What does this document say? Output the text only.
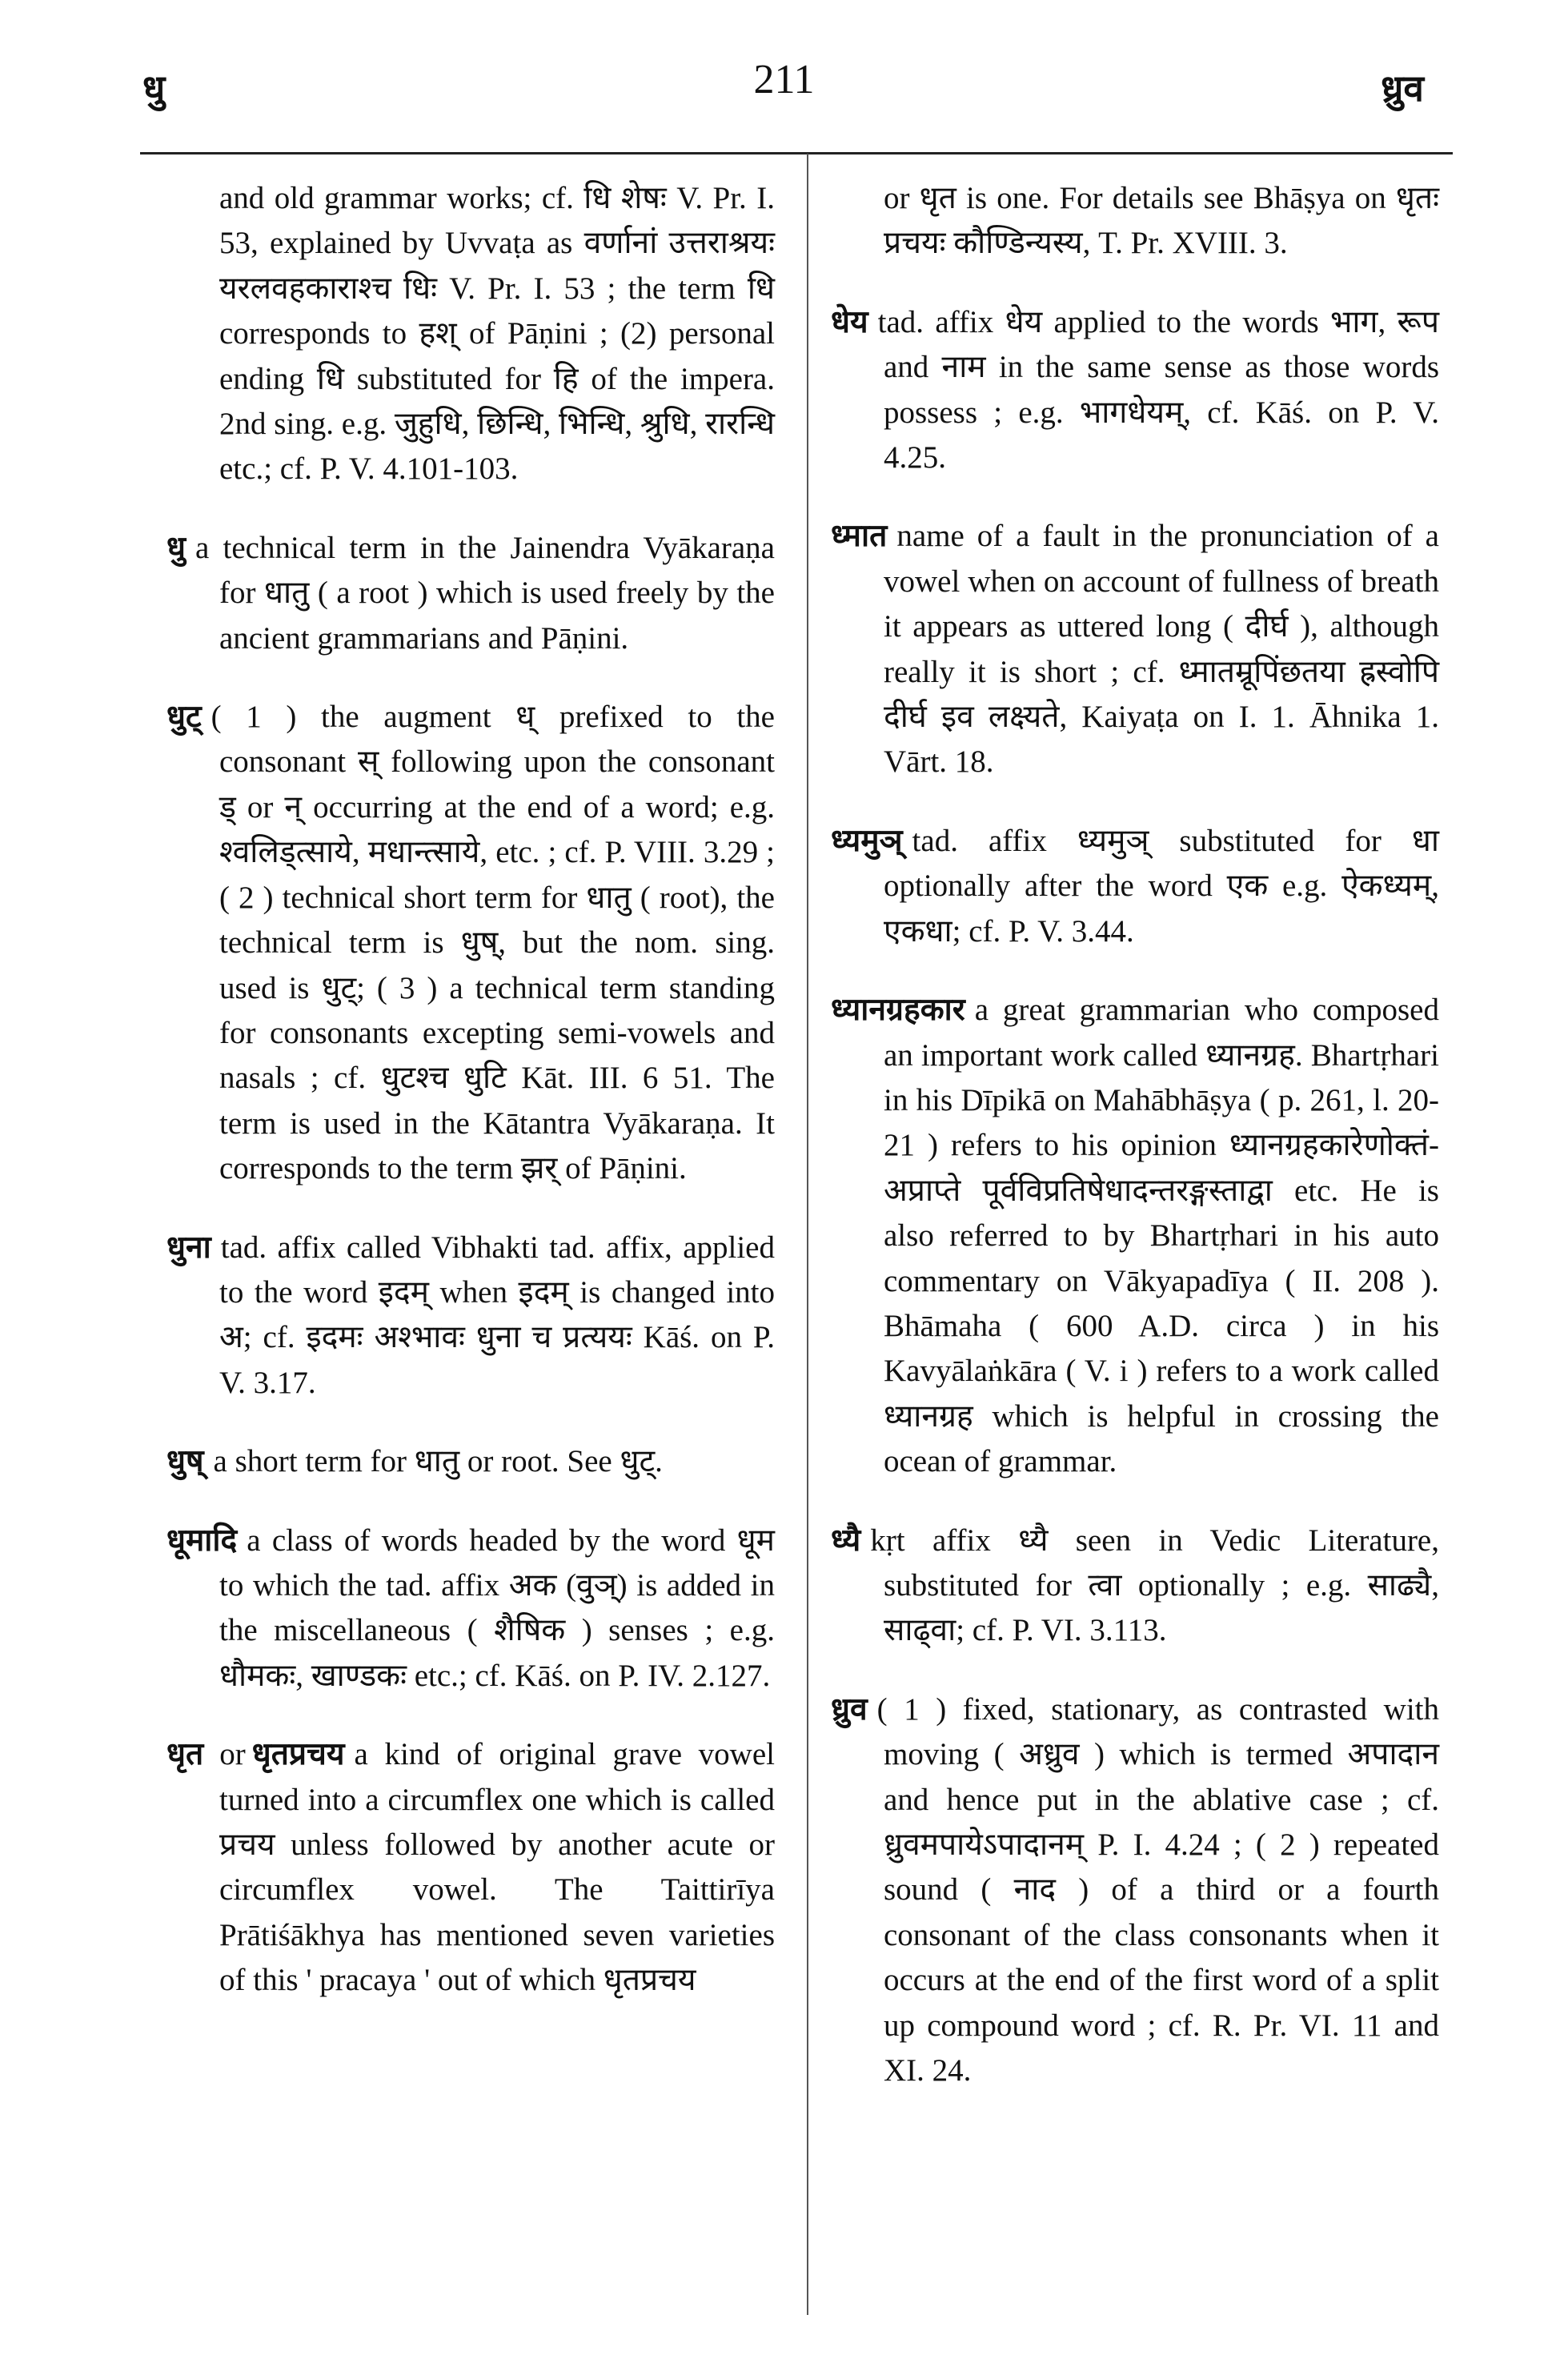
धु	211	ध्रुव

and old grammar works; cf. धि शेषः V. Pr. I. 53, explained by Uvvaṭa as वर्णानां उत्तराश्रयः यरलवहकाराश्च धिः V. Pr. I. 53 ; the term धि corresponds to हश् of Pāṇini ; (2) personal ending धि substituted for हि of the impera. 2nd sing. e.g. जुहुधि, छिन्धि, भिन्धि, श्रुधि, रारन्धि etc.; cf. P. V. 4.101-103.

धु a technical term in the Jainendra Vyākaraṇa for धातु ( a root ) which is used freely by the ancient grammarians and Pāṇini.

धुट् ( 1 ) the augment ध् prefixed to the consonant स् following upon the consonant ड् or न् occurring at the end of a word; e.g. श्वलिड्त्साये, मधान्त्साये, etc. ; cf. P. VIII. 3.29 ; ( 2 ) technical short term for धातु ( root), the technical term is धुष्, but the nom. sing. used is धुट्; ( 3 ) a technical term standing for consonants excepting semi-vowels and nasals ; cf. धुटश्च धुटि Kāt. III. 6 51. The term is used in the Kātantra Vyākaraṇa. It corresponds to the term झर् of Pāṇini.

धुना tad. affix called Vibhakti tad. affix, applied to the word इदम् when इदम् is changed into अ; cf. इदमः अश्भावः धुना च प्रत्ययः Kāś. on P. V. 3.17.

धुष् a short term for धातु or root. See धुट्.

धूमादि a class of words headed by the word धूम to which the tad. affix अक (वुञ्) is added in the miscellaneous ( शैषिक ) senses ; e.g. धौमकः, खाण्डकः etc.; cf. Kāś. on P. IV. 2.127.

धृत or धृतप्रचय a kind of original grave vowel turned into a circumflex one which is called प्रचय unless followed by another acute or circumflex vowel. The Taittirīya Prātiśākhya has mentioned seven varieties of this ' pracaya ' out of which धृतप्रचय

or धृत is one. For details see Bhāṣya on धृतः प्रचयः कौण्डिन्यस्य, T. Pr. XVIII. 3.

धेय tad. affix धेय applied to the words भाग, रूप and नाम in the same sense as those words possess ; e.g. भागधेयम्, cf. Kāś. on P. V. 4.25.

ध्मात name of a fault in the pronunciation of a vowel when on account of fullness of breath it appears as uttered long ( दीर्घ ), although really it is short ; cf. ध्मातम्रूपिंछतया ह्रस्वोपि दीर्घ इव लक्ष्यते, Kaiyaṭa on I. 1. Āhnika 1. Vārt. 18.

ध्यमुञ् tad. affix ध्यमुञ् substituted for धा optionally after the word एक e.g. ऐकध्यम्, एकधा; cf. P. V. 3.44.

ध्यानग्रहकार a great grammarian who composed an important work called ध्यानग्रह. Bhartṛhari in his Dīpikā on Mahābhāṣya ( p. 261, l. 20-21 ) refers to his opinion ध्यानग्रहकारेणोक्तं-अप्राप्ते पूर्वविप्रतिषेधादन्तरङ्गस्ताद्वा etc. He is also referred to by Bhartṛhari in his auto commentary on Vākyapadīya ( II. 208 ). Bhāmaha ( 600 A.D. circa ) in his Kavyālaṅkāra ( V. i ) refers to a work called ध्यानग्रह which is helpful in crossing the ocean of grammar.

ध्यै kṛt affix ध्यै seen in Vedic Literature, substituted for त्वा optionally ; e.g. साढ्यै, साढ्वा; cf. P. VI. 3.113.

ध्रुव ( 1 ) fixed, stationary, as contrasted with moving ( अध्रुव ) which is termed अपादान and hence put in the ablative case ; cf. ध्रुवमपायेऽपादानम् P. I. 4.24 ; ( 2 ) repeated sound ( नाद ) of a third or a fourth consonant of the class consonants when it occurs at the end of the first word of a split up compound word ; cf. R. Pr. VI. 11 and XI. 24.
